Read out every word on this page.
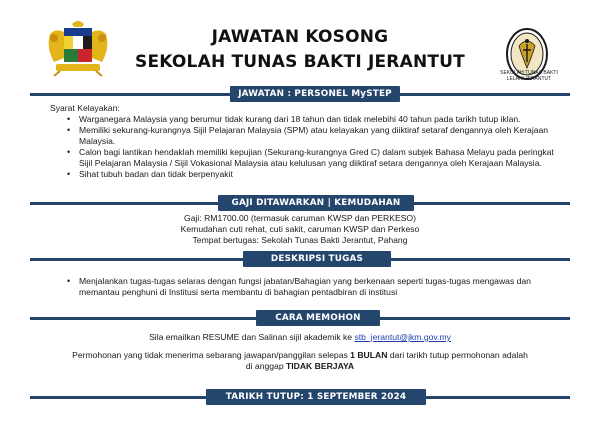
JAWATAN KOSONG
SEKOLAH TUNAS BAKTI JERANTUT
SEKOLAH TUNAS BAKTI
LELAKI JERANTUT
JAWATAN : PERSONEL MySTEP
Syarat Kelayakan:
• Warganegara Malaysia yang berumur tidak kurang dari 18 tahun dan tidak melebihi 40 tahun pada tarikh tutup iklan.
• Memiliki sekurang-kurangnya Sijil Pelajaran Malaysia (SPM) atau kelayakan yang diiktiraf setaraf dengannya oleh Kerajaan Malaysia.
• Calon bagi lantikan hendaklah memiliki kepujian (Sekurang-kurangnya Gred C) dalam subjek Bahasa Melayu pada peringkat Sijil Pelajaran Malaysia / Sijil Vokasional Malaysia atau kelulusan yang diiktiraf setara dengannya oleh Kerajaan Malaysia.
• Sihat tubuh badan dan tidak berpenyakit
GAJI DITAWARKAN | KEMUDAHAN
Gaji: RM1700.00 (termasuk caruman KWSP dan PERKESO)
Kemudahan cuti rehat, cuti sakit, caruman KWSP dan Perkeso
Tempat bertugas: Sekolah Tunas Bakti Jerantut, Pahang
DESKRIPSI TUGAS
• Menjalankan tugas-tugas selaras dengan fungsi jabatan/Bahagian yang berkenaan seperti tugas-tugas mengawas dan memantau penghuni di Institusi serta membantu di bahagian pentadbiran di institusi
CARA MEMOHON
Sila emailkan RESUME dan Salinan sijil akademik ke stb_jerantut@jkm.gov.my
Permohonan yang tidak menerima sebarang jawapan/panggilan selepas 1 BULAN dari tarikh tutup permohonan adalah
di anggap TIDAK BERJAYA
TARIKH TUTUP: 1 SEPTEMBER 2024
